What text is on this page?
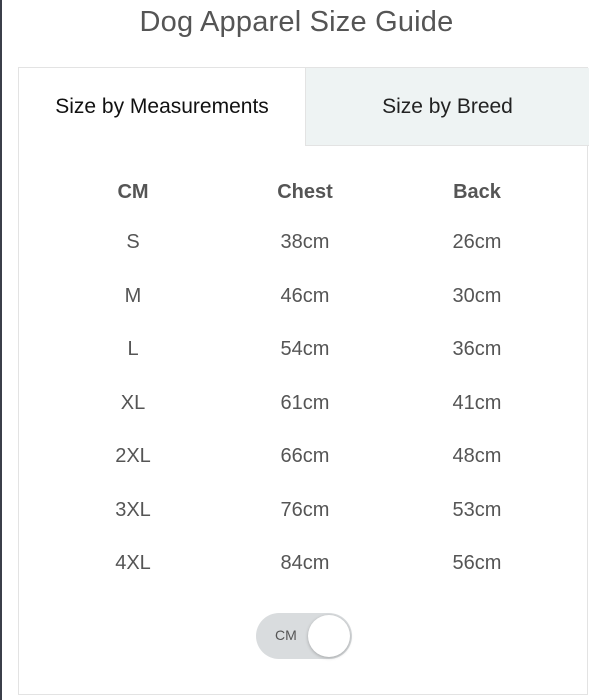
Dog Apparel Size Guide
Size by Measurements	Size by Breed
CM	Chest	Back
S	38cm	26cm
M	46cm	30cm
L	54cm	36cm
XL	61cm	41cm
2XL	66cm	48cm
3XL	76cm	53cm
4XL	84cm	56cm
CM
